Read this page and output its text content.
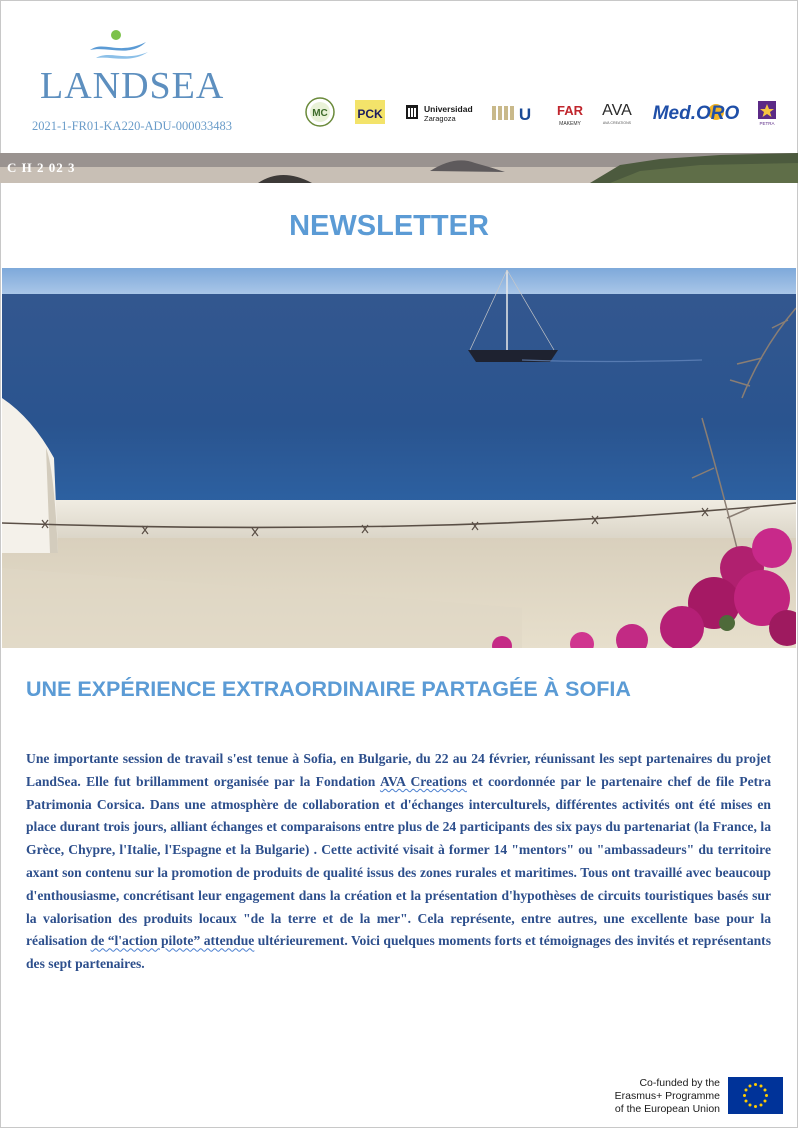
LANDSEA
2021-1-FR01-KA220-ADU-000033483
MC PCK	Universidad
Zaragoza	U FAR
MAKEMY
AVA
AVA CREATIONS Med.ORO	PETRA
C H 2 02 3
NEWSLETTER
UNE EXPÉRIENCE EXTRAORDINAIRE PARTAGÉE À SOFIA
Une importante session de travail s'est tenue à Sofia, en Bulgarie, du 22 au 24 février, réunissant les sept partenaires du projet LandSea. Elle fut brillamment organisée par la Fondation AVA Creations et coordonnée par le partenaire chef de file Petra Patrimonia Corsica. Dans une atmosphère de collaboration et d'échanges interculturels, différentes activités ont été mises en place durant trois jours, alliant échanges et comparaisons entre plus de 24 participants des six pays du partenariat (la France, la Grèce, Chypre, l'Italie, l'Espagne et la Bulgarie) . Cette activité visait à former 14 "mentors" ou "ambassadeurs" du territoire axant son contenu sur la promotion de produits de qualité issus des zones rurales et maritimes. Tous ont travaillé avec beaucoup d'enthousiasme, concrétisant leur engagement dans la création et la présentation d'hypothèses de circuits touristiques basés sur la valorisation des produits locaux "de la terre et de la mer". Cela représente, entre autres, une excellente base pour la réalisation de “l'action pilote” attendue ultérieurement. Voici quelques moments forts et témoignages des invités et représentants des sept partenaires.
Co-funded by the
Erasmus+ Programme
of the European Union
